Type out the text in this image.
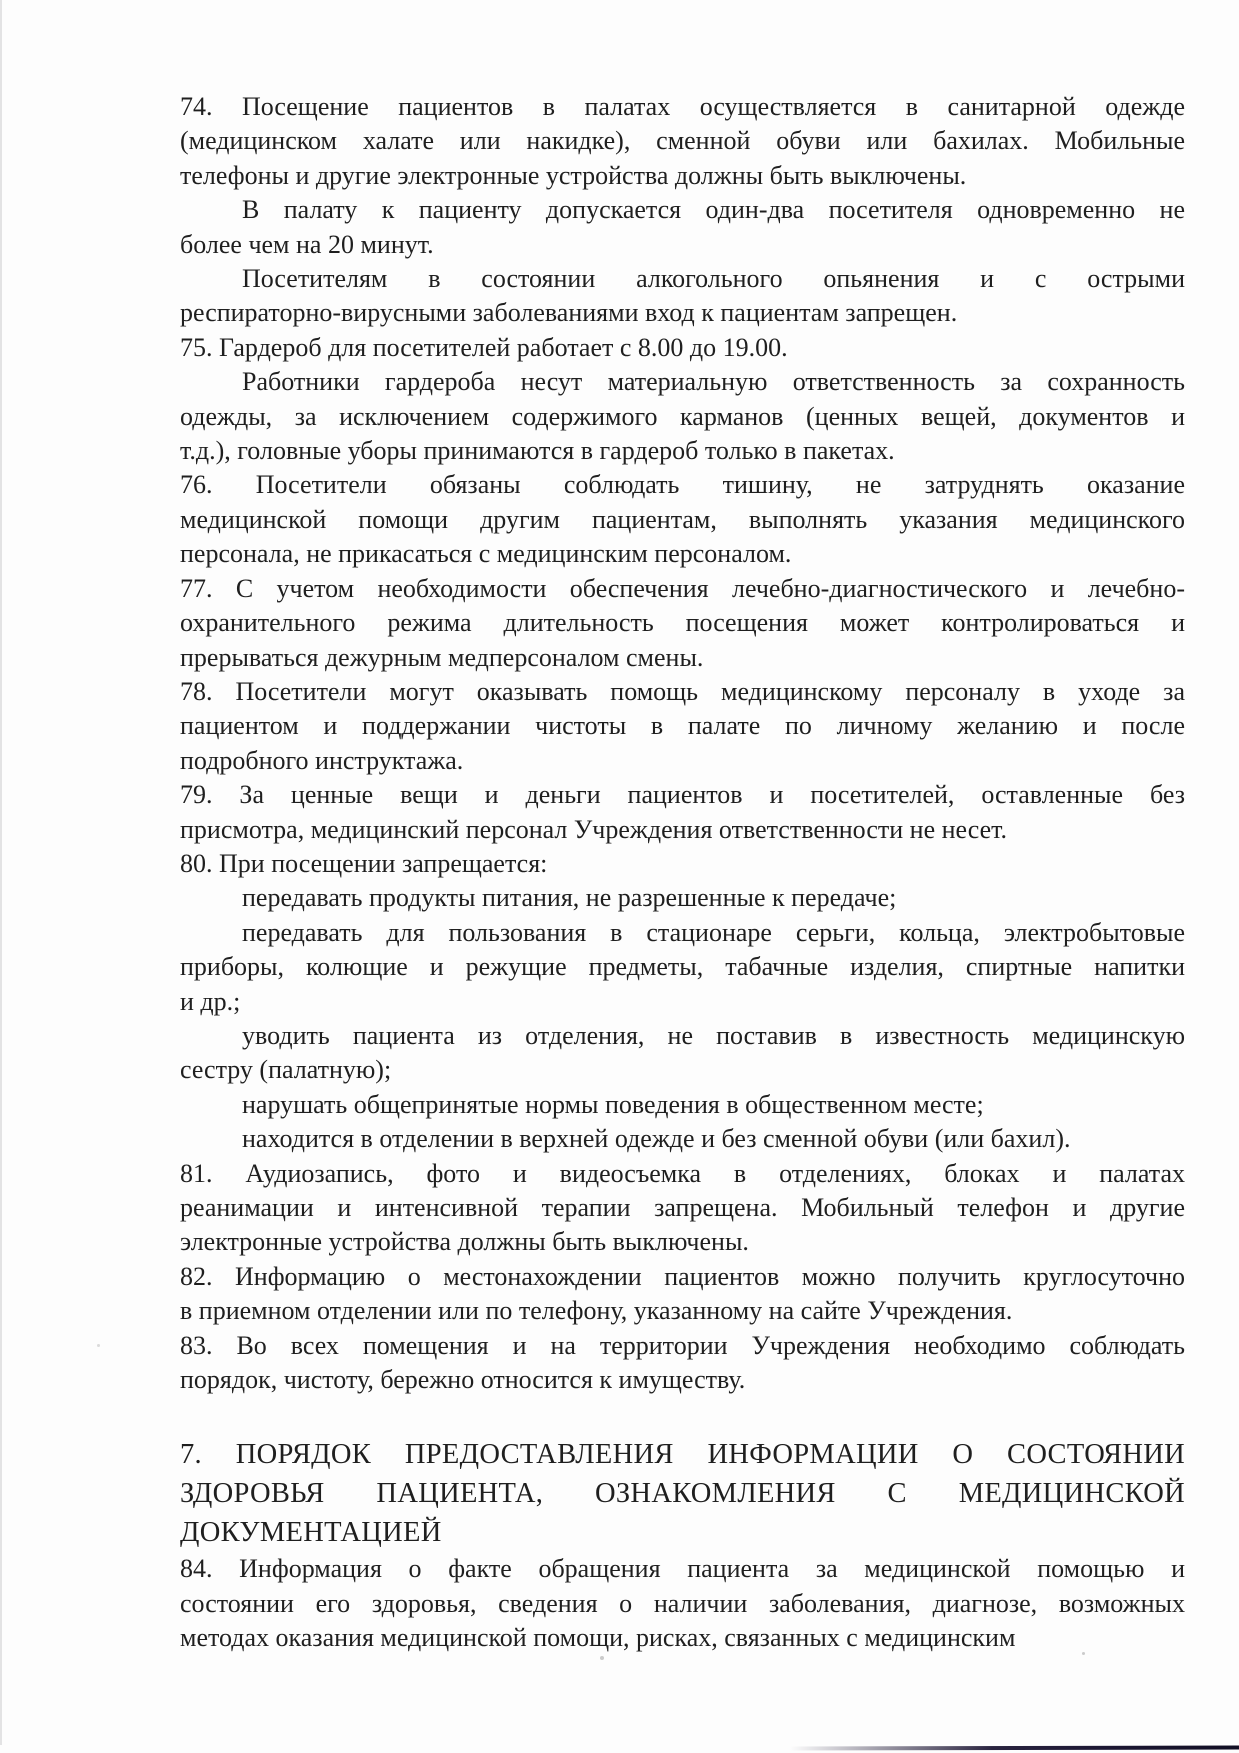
74. Посещение пациентов в палатах осуществляется в санитарной одежде
(медицинском халате или накидке), сменной обуви или бахилах. Мобильные
телефоны и другие электронные устройства должны быть выключены.
В палату к пациенту допускается один-два посетителя одновременно не
более чем на 20 минут.
Посетителям в состоянии алкогольного опьянения и с острыми
респираторно-вирусными заболеваниями вход к пациентам запрещен.
75. Гардероб для посетителей работает с 8.00 до 19.00.
Работники гардероба несут материальную ответственность за сохранность
одежды, за исключением содержимого карманов (ценных вещей, документов и
т.д.), головные уборы принимаются в гардероб только в пакетах.
76. Посетители обязаны соблюдать тишину, не затруднять оказание
медицинской помощи другим пациентам, выполнять указания медицинского
персонала, не прикасаться с медицинским персоналом.
77. С учетом необходимости обеспечения лечебно-диагностического и лечебно-
охранительного режима длительность посещения может контролироваться и
прерываться дежурным медперсоналом смены.
78. Посетители могут оказывать помощь медицинскому персоналу в уходе за
пациентом и поддержании чистоты в палате по личному желанию и после
подробного инструктажа.
79. За ценные вещи и деньги пациентов и посетителей, оставленные без
присмотра, медицинский персонал Учреждения ответственности не несет.
80. При посещении запрещается:
передавать продукты питания, не разрешенные к передаче;
передавать для пользования в стационаре серьги, кольца, электробытовые
приборы, колющие и режущие предметы, табачные изделия, спиртные напитки
и др.;
уводить пациента из отделения, не поставив в известность медицинскую
сестру (палатную);
нарушать общепринятые нормы поведения в общественном месте;
находится в отделении в верхней одежде и без сменной обуви (или бахил).
81. Аудиозапись, фото и видеосъемка в отделениях, блоках и палатах
реанимации и интенсивной терапии запрещена. Мобильный телефон и другие
электронные устройства должны быть выключены.
82. Информацию о местонахождении пациентов можно получить круглосуточно
в приемном отделении или по телефону, указанному на сайте Учреждения.
83. Во всех помещения и на территории Учреждения необходимо соблюдать
порядок, чистоту, бережно относится к имуществу.
7. ПОРЯДОК ПРЕДОСТАВЛЕНИЯ ИНФОРМАЦИИ О СОСТОЯНИИ
ЗДОРОВЬЯ ПАЦИЕНТА, ОЗНАКОМЛЕНИЯ С МЕДИЦИНСКОЙ
ДОКУМЕНТАЦИЕЙ
84. Информация о факте обращения пациента за медицинской помощью и
состоянии его здоровья, сведения о наличии заболевания, диагнозе, возможных
методах оказания медицинской помощи, рисках, связанных с медицинским
